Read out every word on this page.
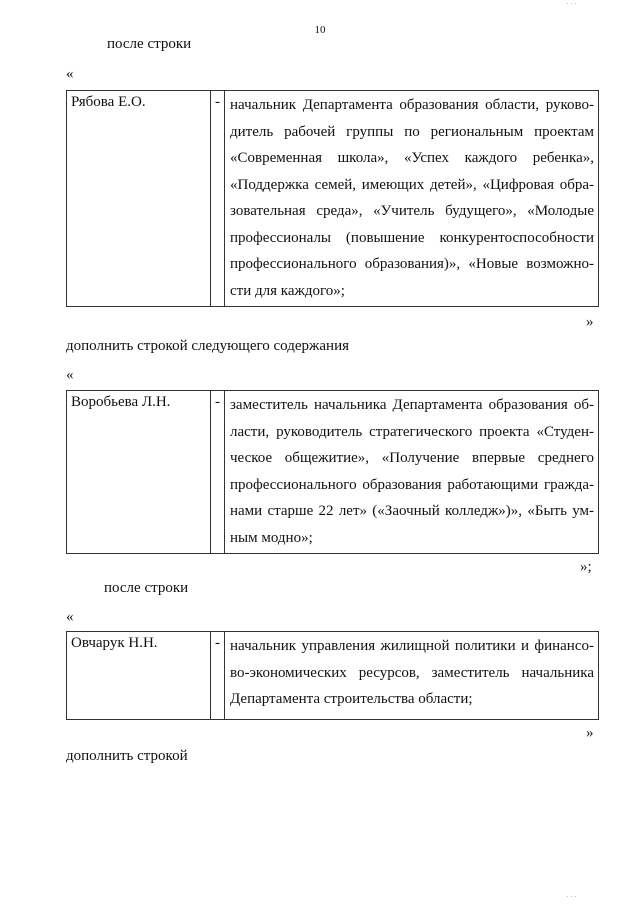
10
· · ·
после строки
«
Рябова Е.О.	-	начальник Департамента образования области, руково-
дитель рабочей группы по региональным проектам
«Современная школа», «Успех каждого ребенка»,
«Поддержка семей, имеющих детей», «Цифровая обра-
зовательная среда», «Учитель будущего», «Молодые
профессионалы (повышение конкурентоспособности
профессионального образования)», «Новые возможно-
сти для каждого»;
»
дополнить строкой следующего содержания
«
Воробьева Л.Н.	-	заместитель начальника Департамента образования об-
ласти, руководитель стратегического проекта «Студен-
ческое общежитие», «Получение впервые среднего
профессионального образования работающими гражда-
нами старше 22 лет» («Заочный колледж»)», «Быть ум-
ным модно»;
»;
после строки
«
Овчарук Н.Н.	-	начальник управления жилищной политики и финансо-
во-экономических ресурсов, заместитель начальника
Департамента строительства области;
»
дополнить строкой
· · ·
